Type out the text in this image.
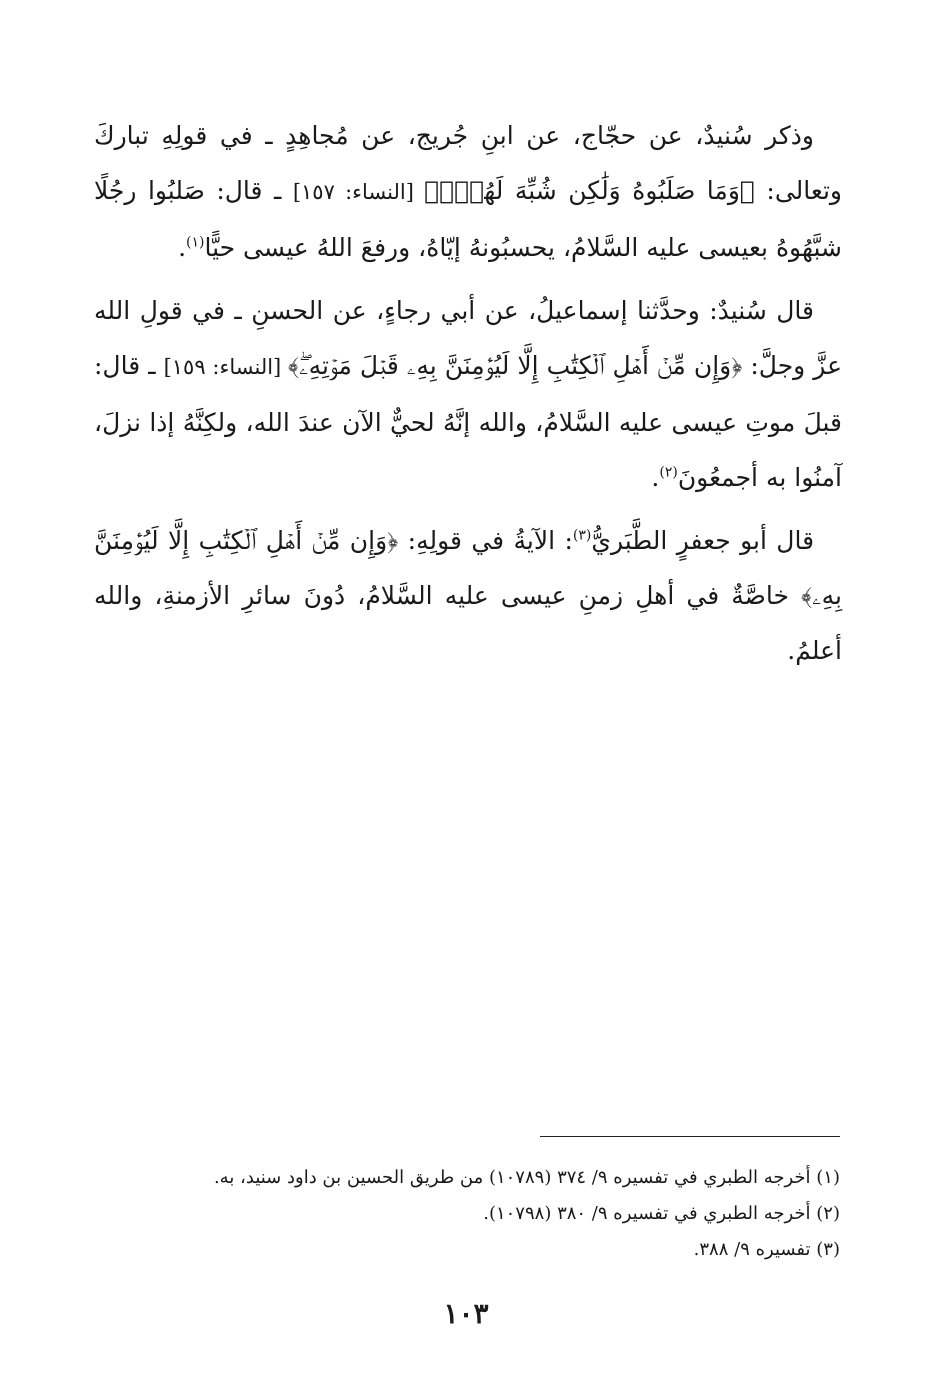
وذكر سُنيدٌ، عن حجّاج، عن ابنِ جُريج، عن مُجاهِدٍ ـ في قولِهِ تباركَ وتعالى: ﴿وَمَا صَلَبُوهُ وَلَٰكِن شُبِّهَ لَهُمۡۚ﴾ [النساء: ١٥٧] ـ قال: صَلبُوا رجُلًا شبَّهُوهُ بعيسى عليه السَّلامُ، يحسبُونهُ إيّاهُ، ورفعَ اللهُ عيسى حيًّا$^{(١)}$.

قال سُنيدٌ: وحدَّثنا إسماعيلُ، عن أبي رجاءٍ، عن الحسنِ ـ في قولِ الله عزَّ وجلَّ: ﴿وَإِن مِّنۡ أَهۡلِ ٱلۡكِتَٰبِ إِلَّا لَيُؤۡمِنَنَّ بِهِۦ قَبۡلَ مَوۡتِهِۦۖ﴾ [النساء: ١٥٩] ـ قال: قبلَ موتِ عيسى عليه السَّلامُ، والله إنَّهُ لحيٌّ الآن عندَ الله، ولكِنَّهُ إذا نزلَ، آمنُوا به أجمعُونَ$^{(٢)}$.

قال أبو جعفرٍ الطَّبَريُّ$^{(٣)}$: الآيةُ في قولِهِ: ﴿وَإِن مِّنۡ أَهۡلِ ٱلۡكِتَٰبِ إِلَّا لَيُؤۡمِنَنَّ بِهِۦ﴾ خاصَّةٌ في أهلِ زمنِ عيسى عليه السَّلامُ، دُونَ سائرِ الأزمنةِ، والله أعلمُ.

(١) أخرجه الطبري في تفسيره ٩/ ٣٧٤ (١٠٧٨٩) من طريق الحسين بن داود سنيد، به.
(٢) أخرجه الطبري في تفسيره ٩/ ٣٨٠ (١٠٧٩٨).
(٣) تفسيره ٩/ ٣٨٨.
١٠٣
